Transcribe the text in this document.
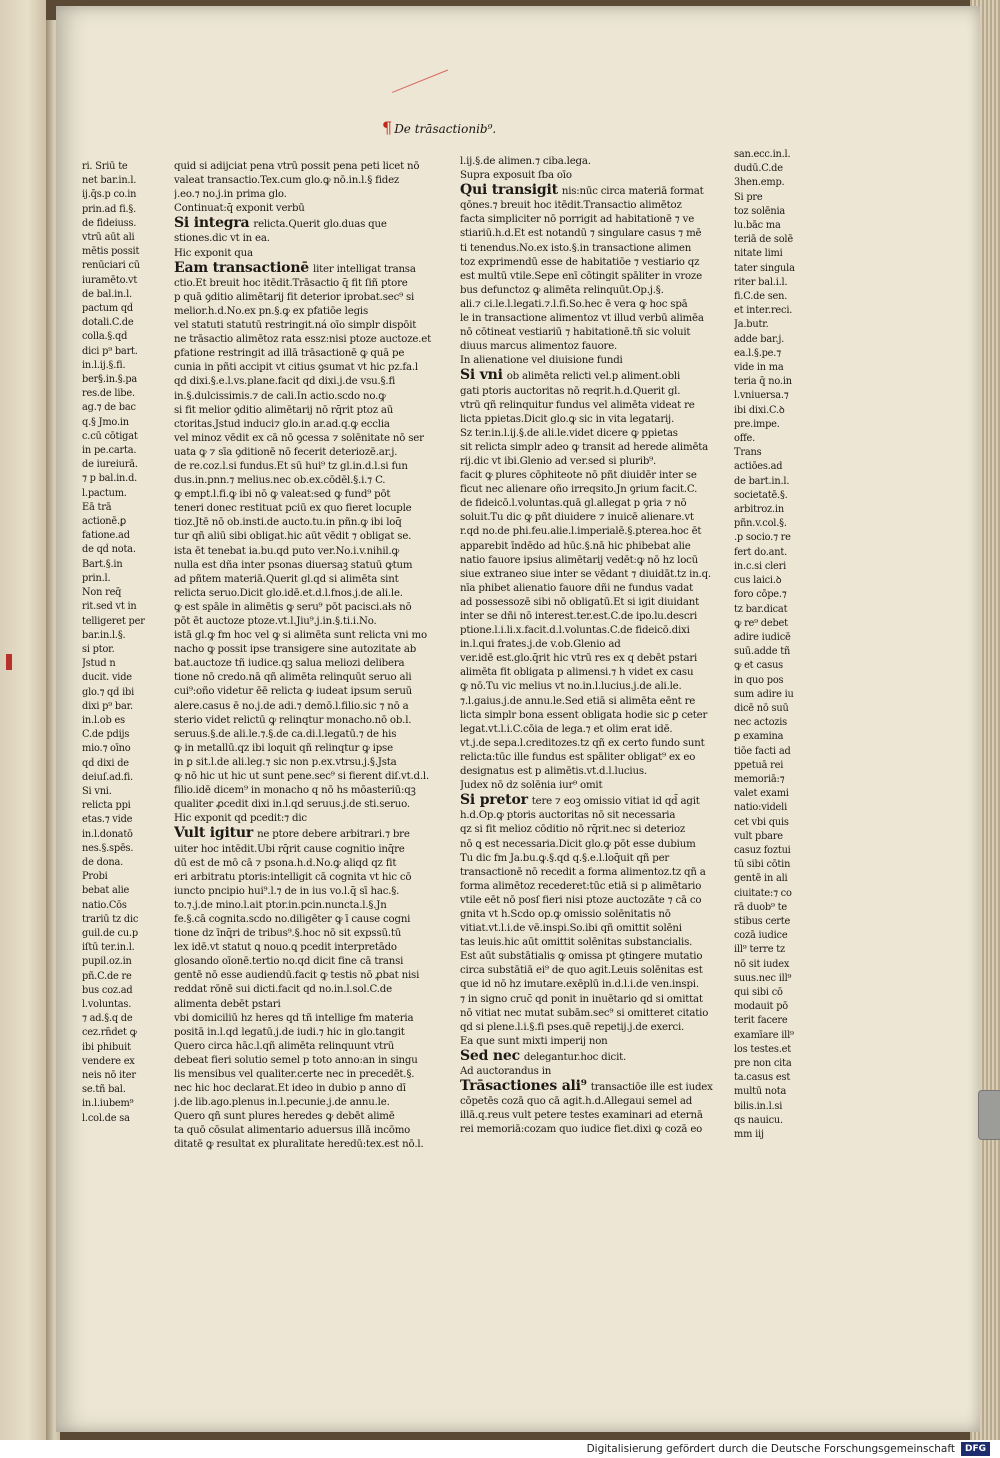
¶ De trāsactionib⁹.

ri. Sriū te

net bar.in.l.

ij.q̄s.p co.in

prin.ad fi.§.

de fideiuss.

vtrū aūt ali

mētis possit

renūciari cū

iuramēto.vt

de bal.in.l.

pactum qd̄

dotali.C.de

colla.§.qd̄

dici p⁹ bart.

in.l.ij.§.fi.

ber§.in.§.pa

res.de libe.

ag.⁊ de bac

q.§ Jmo.in

c.cū cōtigat

in pe.carta.

de iureiurā.

⁊ p bal.in.d.

l.pactum.

Eā trā

actionē.ꝑ

fatione.ad

de qd̄ nota.

Bart.§.in

prin.l.

Non req̄

rit.sed vt in

telligeret per

bar.in.l.§.

si ptor.

Jstud n

ducit. vide

glo.⁊ qd̄ ibi

dixi p⁹ bar.

in.l.ob es

C.de pdijs

mio.⁊ oīno

qd̄ dixi de

deiuſ.ad.fi.

Si vni.

relicta ppi

etas.⁊ vide

in.l.donatō

nes.§.spēs.

de dona.

Probi

bebat alie

natio.Cōs

trariū tz dic

guil.de cu.p

iſtū ter.in.l.

pupil.oz.in

pñ.C.de re

bus coz.ad

l.voluntas.

⁊ ad.§.q de

cez.rn̄det ꝙ

ibi phibuit

vendere ex

neis nō iter

se.tñ bal.

in.l.iubem⁹

l.col.de sa

quid si adijciat pena vtrū possit pena peti licet nō

valeat transactio.Tex.cum glo.ꝙ nō.in.l.§ fidez

j.eo.⁊ no.j.in prima glo.

Continuat:q̄ exponit verbū

Si integra relicta.Querit glo.duas que

stiones.dic vt in ea.

Hic exponit qua

Eam transactionē liter intelligat transa

ctio.Et breuit hoc itēdit.Trāsactio q̄ fit ſiñ ptore

p quā ꝯditio alimētarij fit deterior iprobat.sec⁹ si

melior.h.d.No.ex pn.§.ꝙ ex pfatiōe legis

vel statuti statutū restringit.ná oīo simpl̄r dispōit

ne trāsactio alimētoz rata essz:nisi ptoze auctoze.et

ꝑfatione restringit ad illā trāsactionē ꝙ quā pe

cunia in pñti accipit vt citius ꝯsumat vt hic pz.fa.l

qd̄ dixi.§.e.l.vs.plane.facit qd̄ dixi.j.de vsu.§.fi

in.§.dulcissimis.⁊ de cali.In actio.scdo no.ꝙ

si fit melior ꝯditio alimētarij nō rq̄rit̄ ptoz aū

ctoritas.Jstud induci⁊ glo.in ar.ad.q.ꝙ ecclia

vel minoz vēdit ex cā nō ꝯcessa ⁊ solēnitate nō ser

uata ꝙ ⁊ sīa ꝯditionē nō fecerit deteriozē.ar.j.

de re.coz.l.si fundus.Et sū hui⁹ tz gl.in.d.l.si fun

dus.in.pnn.⁊ melius.nec ob.ex.cōdēl.§.i.⁊ C.

ꝙ empt.l.fi.ꝙ ibi nō ꝙ valeat:sed ꝙ fund⁹ pōt

teneri donec restituat pciū ex quo fieret locuple

tioz.Jtē nō ob.insti.de aucto.tu.in pñn.ꝙ ibi loq̄

tur qñ aliū sibi obligat.hic aūt vēdit ⁊ obligat se.

ista ēt tenebat ia.bu.qd̄ puto ver.No.i.v.nihil.ꝙ

nulla est dña inter psonas diuersaꝫ statuū ꝙtum

ad pñtem materiā.Querit gl.qd̄ si alimēta sint

relicta seruo.Dicit glo.idē.et.d.l.fnos.j.de ali.le.

ꝙ est spāle in alimētis ꝙ seru⁹ pōt pacisci.ałs nō

pōt ēt auctoze ptoze.vt.l.Jiu⁹.j.in.§.ti.i.No.

istā gl.ꝙ fm hoc vel ꝙ si alimēta sunt relicta vni mo

nacho ꝙ possit ipse transigere sine autozitate ab

bat.auctoze tñ iudice.qꝫ salua meliozi delibera

tione nō credo.nā qñ alimēta relinquūt seruo ali

cui⁹:oño videtur ēē relicta ꝙ iudeat ipsum seruū

alere.casus ē no.j.de adi.⁊ demō.l.filio.sic ⁊ nō a

sterio videt relictū ꝙ relinqtur monacho.nō ob.l.

seruus.§.de ali.le.⁊.§.de ca.di.l.legatū.⁊ de his

ꝙ in metallū.qz ibi loquit qñ relinqtur ꝙ ipse

in ꝑ sit.l.de ali.leg.⁊ sic non p.ex.vtrsu.j.§.Jsta

ꝙ nō hic ut hic ut sunt pene.sec⁹ si fierent diſ.vt.d.l.

filio.idē dicem⁹ in monacho q nō h̄s mōasteriū:qꝫ

qualiter ꝓcedit dixi in.l.qd̄ seruus.j.de sti.seruo.

Hic exponit qd̄ pcedit:⁊ dic

Vult igitur ne ptore debere arbitrari.⁊ bre

uiter hoc intēdit.Ubi rq̄rit̄ cause cognitio inq̄re

dū est de mō cā ⁊ psona.h.d.No.ꝙ aliqd̄ qz fit

eri arbitratu ptoris:intelligit cā cognita vt hic cō

iuncto pncipio hui⁹.l.⁊ de in ius vo.l.q̄ sī hac.§.

to.⁊.j.de mino.l.ait ptor.in.pcin.nuncta.l.§.Jn

fe.§.cā cognita.scdo no.diligēter ꝙ ī cause cogni

tione dz īnq̄ri de tribus⁹.§.hoc nō sit expssū.tū

lex idē.vt statut ꝗ nouo.ꝗ pcedit interpretādo

glosando oīonē.tertio no.qd̄ dicit fine cā transi

gentē nō esse audiendū.facit ꝙ testis nō ꝓbat nisi

reddat rōnē sui dicti.facit qd̄ no.in.l.sol̄.C.de

alimenta debēt pstari

vbi domiciliū hz heres qd̄ tñ intellige fm materia

positā in.l.qd̄ legatū.j.de iudi.⁊ hic in glo.tangit

Quero circa hāc.l.qñ alimēta relinquunt vtrū

debeat fieri solutio semel p toto anno:an in singu

lis mensibus vel qualiter.certe nec in precedēt.§.

nec hic hoc declarat.Et ideo in dubio p anno dī

j.de lib.ago.plenus in.l.pecunie.j.de annu.le.

Quero qñ sunt plures heredes ꝙ debēt alimē

ta quō cōsulat alimentario aduersus illā incōmo

ditatē ꝙ resultat ex pluralitate heredū:tex.est nō.l.

l.ij.§.de alimen.⁊ ciba.lega.

Supra exposuit ſba oīo

Qui transigit nis:nūc circa materiā format

qōnes.⁊ breuit hoc itēdit.Transactio alimētoz

facta simpliciter nō porrigit ad habitationē ⁊ ve

stiariū.h.d.Et est notandū ⁊ singulare casus ⁊ mē

ti tenendus.No.ex isto.§.in transactione alimen

toz exprimendū esse de habitatiōe ⁊ vestiario qz

est multū vtile.Sepe enī cōtingit spāliter in vroze

bus defunctoz ꝙ alimēta relinquūt.Op.j.§.

ali.⁊ ci.le.l.legati.⁊.l.fi.So.hec ē vera ꝙ hoc spā

le in transactione alimentoz vt illud verbū alimēa

nō cōtineat vestiariū ⁊ habitationē.tñ sic voluit

diuus marcus alimentoz fauore.

In alienatione vel diuisione fundi

Si vni ob alimēta relicti vel.p aliment.obli

gati ptoris auctoritas nō reqrit.h.d.Querit gl.

vtrū qñ relinquitur fundus vel alimēta videat re

licta ppietas.Dicit glo.ꝙ sic in vita legatarij.

Sz ter.in.l.ij.§.de ali.le.videt dicere ꝙ ppietas

sit relicta simpl̄r adeo ꝙ transit ad herede alimēta

rij.dic vt ibi.Glenio ad ver.sed si plurib⁹.

facit ꝙ plures cōphiteote nō pñt diuidēr inter se

ficut nec alienare oño irreqsito.Jn ꝯrium facit.C.

de fideicō.l.voluntas.quā gl.allegat p ꝯria ⁊ nō

soluit.Tu dic ꝙ pñt diuidere ⁊ inuicē alienare.vt

r.qd̄ no.de phi.feu.alie.l.imperialē.§.pterea.hoc ēt

apparebit īndēdo ad hūc.§.nā hic phibebat alie

natio fauore ipsius alimētarij vedēt:ꝙ nō hz locū

siue extraneo siue inter se vēdant ⁊ diuidāt.tz in.q.

nīa phibet alienatio fauore dñi ne fundus vadat

ad possessozē sibi nō obligatū.Et si igit diuidant

inter se dñi nō interest.ter.est.C.de ipo.lu.descri

ptione.l.i.li.x.facit.d.l.voluntas.C.de fideicō.dixi

in.l.qui frates.j.de v.ob.Glenio ad

ver.idē est.glo.q̄rit hic vtrū res ex q debēt pstari

alimēta fit obligata p alimensi.⁊ h videt ex casu

ꝙ nō.Tu vic melius vt no.in.l.lucius.j.de ali.le.

⁊.l.gaius.j.de annu.le.Sed etiā si alimēta eēnt re

licta simpl̄r bona essent obligata hodie sic ꝑ ceter

legat.vt.l.i.C.cōia de lega.⁊ et olim erat idē.

vt.j.de sepa.l.creditozes.tz qñ ex certo fundo sunt

relicta:tūc ille fundus est spāliter obligat⁹ ex eo

designatus est p alimētis.vt.d.l.lucius.

Judex nō dz solēnia iur⁹ omit

Si pretor tere ⁊ eoꝫ omissio vitiat id qd̄ agit

h.d.Op.ꝙ ptoris auctoritas nō sit necessaria

qz si fit melioz cōditio nō rq̄rit̄.nec si deterioz

nō ꝗ est necessaria.Dicit glo.ꝙ pōt esse dubium

Tu dic fm Ja.bu.ꝙ.§.qd̄ q.§.e.l.loq̄uit qñ per

transactionē nō recedit a forma alimentoz.tz qñ a

forma alimētoz recederet:tūc etiā si p alimētario

vtile eēt nō posſ fieri nisi ptoze auctozāte ⁊ cā co

gnita vt h.Scdo op.ꝙ omissio solēnitatis nō

vitiat.vt.l.i.de vē.inspi.So.ibi qñ omittit solēni

tas leuis.hic aūt omittit solēnitas substancialis.

Est aūt substātialis ꝙ omissa pt ꝯtingere mutatio

circa substātiā ei⁹ de quo agit.Leuis solēnitas est

que id nō hz imutare.exēplū in.d.l.i.de ven.inspi.

⁊ in signo cruc̄ qd̄ ponit in inuētario qd̄ si omittat̄

nō vitiat nec mutat subām.sec⁹ si omitteret citatio

qd̄ si plene.l.i.§.fi pses.quē repetij.j.de exerci.

Ea que sunt mixti imperij non

Sed nec delegantur.hoc dicit.

Ad auctorandus in

Trāsactiones ali⁹ transactiōe ille est iudex

cōpetēs cozā quo cā agit.h.d.Allegaui semel ad

illā.q.reus vult petere testes examinari ad eternā

rei memoriā:cozam quo iudice fiet.dixi ꝙ cozā eo

san.ecc.in.l.

dudū.C.de

3hen.emp.

Si pre

toz solēnia

lu.bāc ma

teriā de solē

nitate limi

tater singula

riter bal.i.l.

fi.C.de sen.

et inter.reci.

Ja.butr.

adde bar.j.

ea.l.§.pe.⁊

vide in ma

teria q̄ no.in

l.vniuersa.⁊

ibi dixi.C.ꝺ

pre.impe.

offe.

Trans

actiōes.ad

de bart.in.l.

societatē.§.

arbitroz.in

pñn.v.col.§.

.p socio.⁊ re

fert do.ant.

in.c.si cleri

cus laici.ꝺ

foro cōpe.⁊

tz bar.dicat

ꝙ re⁹ debet

adire iudicē

suū.adde tñ

ꝙ et casus

in quo pos

sum adire iu

dicē nō suū

nec actozis

ꝑ examina

tiōe facti ad

ppetuā rei

memoriā:⁊

valet exami

natio:videli

cet vbi quis

vult pbare

casuz foztui

tū sibi cōtin

gentē in ali

ciuitate:⁊ co

rā duob⁹ te

stibus certe

cozā iudice

ill⁹ terre tz

nō sit iudex

suus.nec ill⁹

qui sibi cō

modauit pō

terit facere

examīare ill⁹

los testes.et

pre non cita

ta.casus est

multū nota

bilis.in.l.si

qs nauicu.

mm iij

Digitalisierung gefördert durch die Deutsche Forschungsgemeinschaft DFG
